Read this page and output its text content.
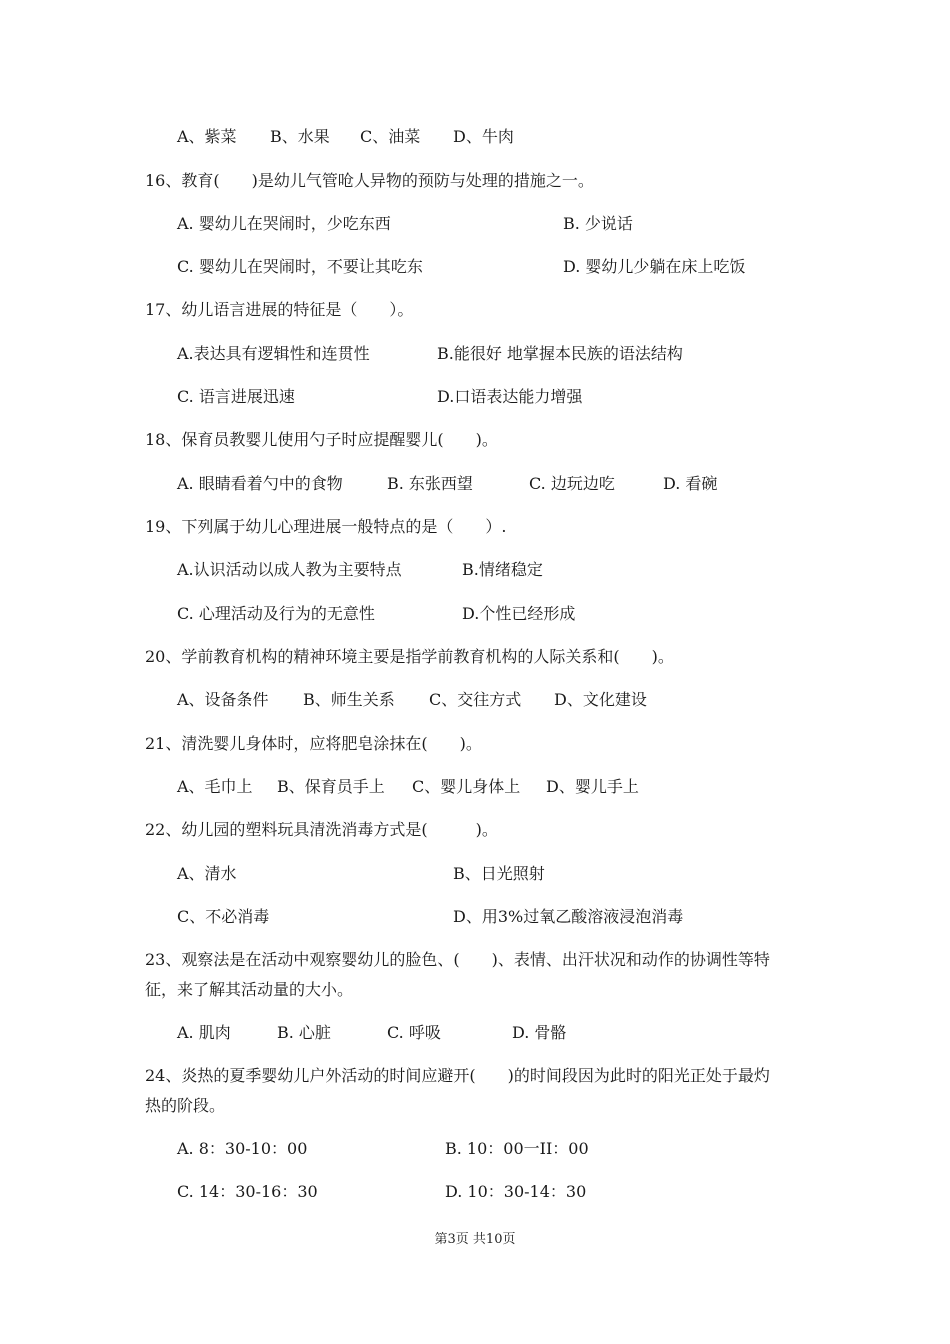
A、紫菜 B、水果 C、油菜 D、牛肉
16、教育(　　)是幼儿气管呛人异物的预防与处理的措施之一。
A. 婴幼儿在哭闹时，少吃东西	B. 少说话
C. 婴幼儿在哭闹时，不要让其吃东	D. 婴幼儿少躺在床上吃饭
17、幼儿语言进展的特征是（　　）。
A.表达具有逻辑性和连贯性	B.能很好 地掌握本民族的语法结构
C. 语言进展迅速	D.口语表达能力增强
18、保育员教婴儿使用勺子时应提醒婴儿(　　)。
A. 眼睛看着勺中的食物	B. 东张西望	C. 边玩边吃	D. 看碗
19、下列属于幼儿心理进展一般特点的是（　　）.
A.认识活动以成人教为主要特点	B.情绪稳定
C. 心理活动及行为的无意性	D.个性已经形成
20、学前教育机构的精神环境主要是指学前教育机构的人际关系和(　　)。
A、设备条件 B、师生关系 C、交往方式 D、文化建设
21、清洗婴儿身体时，应将肥皂涂抹在(　　)。
A、毛巾上 B、保育员手上 C、婴儿身体上 D、婴儿手上
22、幼儿园的塑料玩具清洗消毒方式是(　　　)。
A、清水	B、日光照射
C、不必消毒	D、用3%过氧乙酸溶液浸泡消毒
23、观察法是在活动中观察婴幼儿的脸色、(　　)、表情、出汗状况和动作的协调性等特
征，来了解其活动量的大小。
A. 肌肉	B. 心脏	C. 呼吸	D. 骨骼
24、炎热的夏季婴幼儿户外活动的时间应避开(　　)的时间段因为此时的阳光正处于最灼
热的阶段。
A. 8：30-10：00	B. 10：00一II：00
C. 14：30-16：30	D. 10：30-14：30
第3页 共10页
